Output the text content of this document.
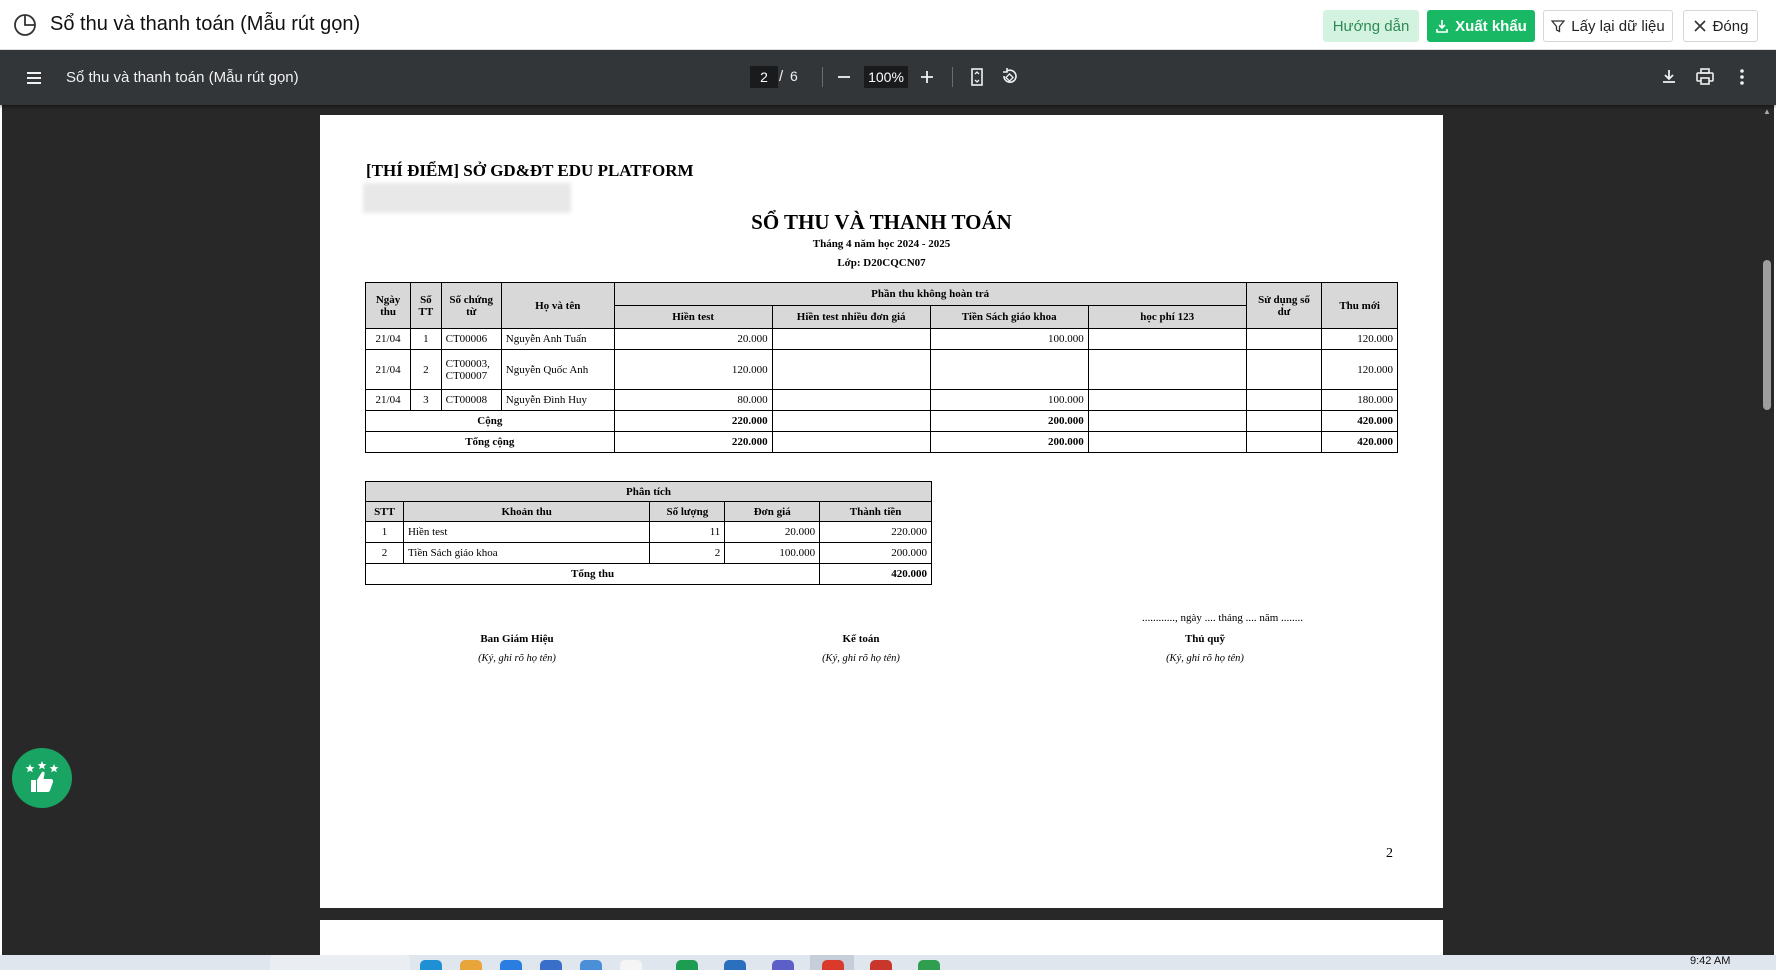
Sổ thu và thanh toán (Mẫu rút gọn)	Hướng dẫn	Xuất khẩu	Lấy lại dữ liệu	Đóng
Sổ thu và thanh toán (Mẫu rút gọn)	2 / 6	100%
[THÍ ĐIỂM] SỞ GD&ĐT EDU PLATFORM
SỔ THU VÀ THANH TOÁN
Tháng 4 năm học 2024 - 2025
Lớp: D20CQCN07
Ngày thu	Số TT	Số chứng từ	Họ và tên	Phần thu không hoàn trả				Sử dụng số dư	Thu mới
				Hiền test	Hiền test nhiều đơn giá	Tiền Sách giáo khoa	học phí 123		
21/04	1	CT00006	Nguyễn Anh Tuấn	20.000		100.000			120.000
21/04	2	CT00003, CT00007	Nguyễn Quốc Anh	120.000					120.000
21/04	3	CT00008	Nguyễn Đình Huy	80.000		100.000			180.000
Cộng				220.000		200.000			420.000
Tổng cộng				220.000		200.000			420.000
Phân tích				
STT	Khoản thu	Số lượng	Đơn giá	Thành tiền
1	Hiền test	11	20.000	220.000
2	Tiền Sách giáo khoa	2	100.000	200.000
Tổng thu				420.000
............, ngày .... tháng .... năm ........
Ban Giám Hiệu
(Ký, ghi rõ họ tên)
Kế toán
(Ký, ghi rõ họ tên)
Thủ quỹ
(Ký, ghi rõ họ tên)
2
▲
9:42 AM
